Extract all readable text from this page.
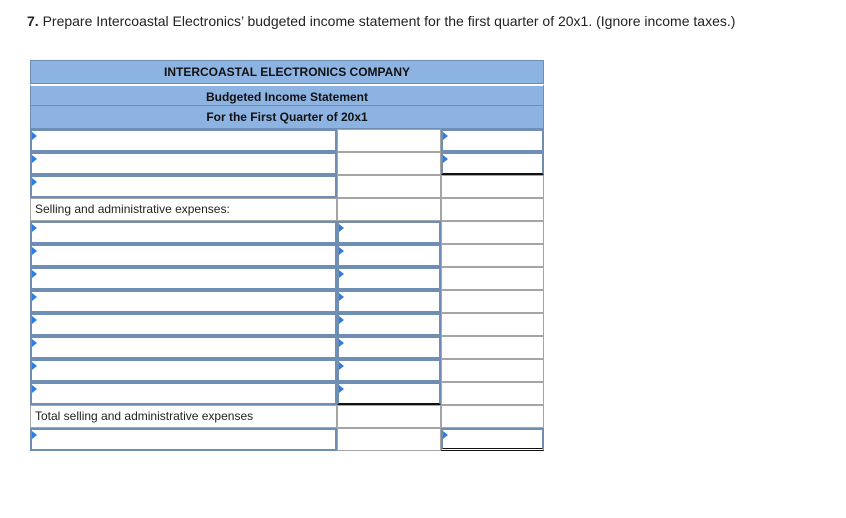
7. Prepare Intercoastal Electronics’ budgeted income statement for the first quarter of 20x1. (Ignore income taxes.)
INTERCOASTAL ELECTRONICS COMPANY
Budgeted Income Statement
For the First Quarter of 20x1
Selling and administrative expenses:
Total selling and administrative expenses
